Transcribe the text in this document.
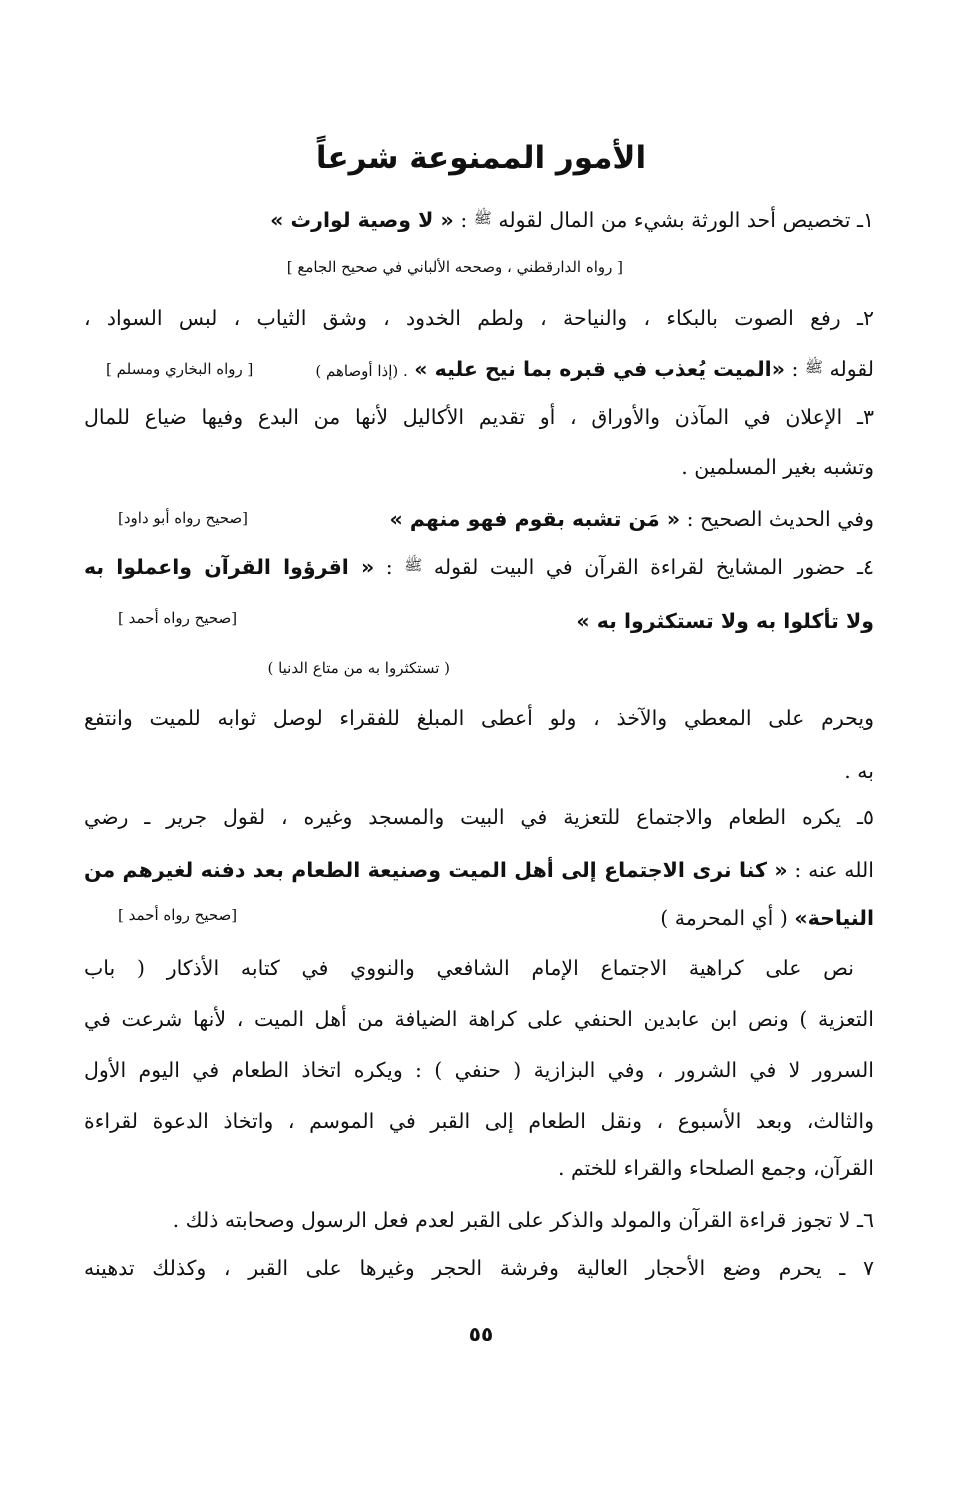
الأمور الممنوعة شرعاً
١ـ تخصيص أحد الورثة بشيء من المال لقوله ﷺ : « لا وصية لوارث »
[ رواه الدارقطني ، وصححه الألباني في صحيح الجامع ]
٢ـ رفع الصوت بالبكاء ، والنياحة ، ولطم الخدود ، وشق الثياب ، لبس السواد ،
لقوله ﷺ : «الميت يُعذب في قبره بما نيح عليه » . (إذا أوصاهم )
[ رواه البخاري ومسلم ]
٣ـ الإعلان في المآذن والأوراق ، أو تقديم الأكاليل لأنها من البدع وفيها ضياع للمال
وتشبه بغير المسلمين .
وفي الحديث الصحيح : « مَن تشبه بقوم فهو منهم »
[صحيح رواه أبو داود]
٤ـ حضور المشايخ لقراءة القرآن في البيت لقوله ﷺ : « اقرؤوا القرآن واعملوا به
ولا تأكلوا به ولا تستكثروا به »
[صحيح رواه أحمد ]
( تستكثروا به من متاع الدنيا )
ويحرم على المعطي والآخذ ، ولو أعطى المبلغ للفقراء لوصل ثوابه للميت وانتفع
به .
٥ـ يكره الطعام والاجتماع للتعزية في البيت والمسجد وغيره ، لقول جرير ـ رضي
الله عنه : « كنا نرى الاجتماع إلى أهل الميت وصنيعة الطعام بعد دفنه لغيرهم من
النياحة» ( أي المحرمة )
[صحيح رواه أحمد ]
نص على كراهية الاجتماع الإمام الشافعي والنووي في كتابه الأذكار ( باب
التعزية ) ونص ابن عابدين الحنفي على كراهة الضيافة من أهل الميت ، لأنها شرعت في
السرور لا في الشرور ، وفي البزازية ( حنفي ) : ويكره اتخاذ الطعام في اليوم الأول
والثالث، وبعد الأسبوع ، ونقل الطعام إلى القبر في الموسم ، واتخاذ الدعوة لقراءة
القرآن، وجمع الصلحاء والقراء للختم .
٦ـ لا تجوز قراءة القرآن والمولد والذكر على القبر لعدم فعل الرسول وصحابته ذلك .
٧ ـ يحرم وضع الأحجار العالية وفرشة الحجر وغيرها على القبر ، وكذلك تدهينه
٥٥
